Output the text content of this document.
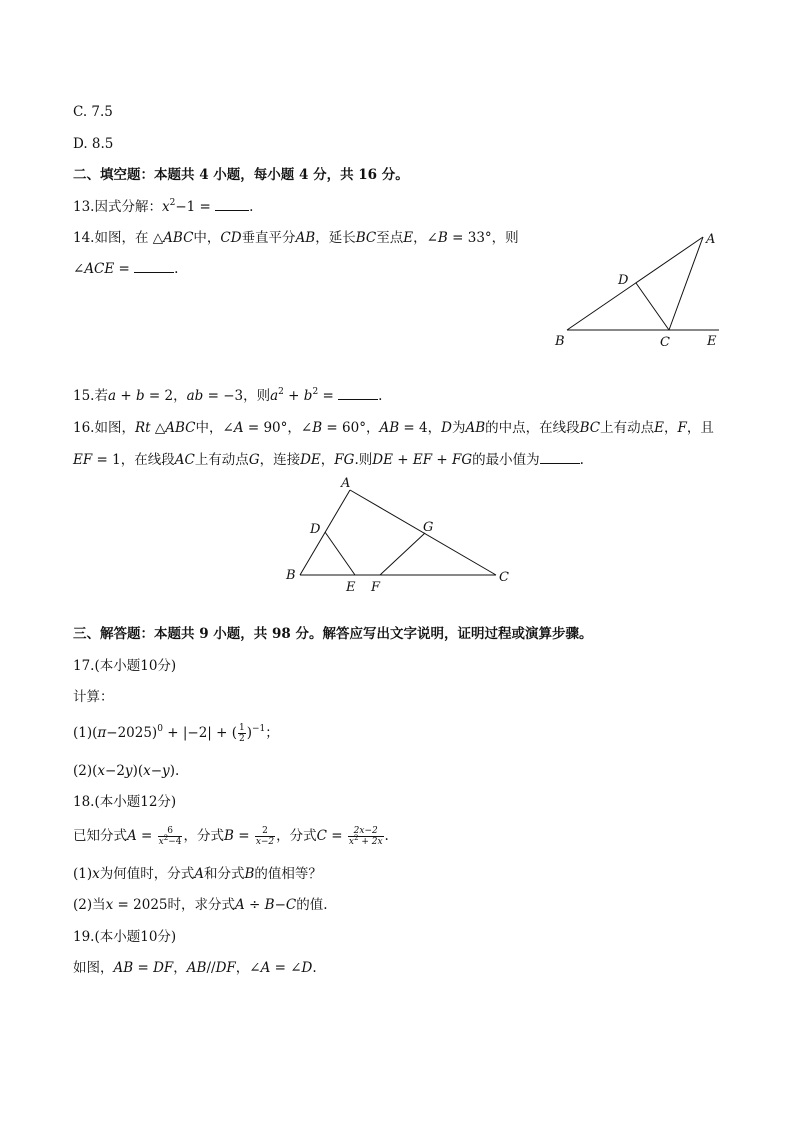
C. 7.5
D. 8.5
二、填空题：本题共 4 小题，每小题 4 分，共 16 分。
13.因式分解：$x^2-1$ =	.
14.如图，在 △ABC中，CD垂直平分AB，延长BC至点E，∠B = 33°，则
∠ACE =	.
A
B	C
D
E
15.若a + b = 2，ab = −3，则$a^2 + b^2$ =	.
16.如图，Rt △ABC中，∠A = 90°，∠B = 60°，AB = 4，D为AB的中点，在线段BC上有动点E，F，且
EF = 1，在线段AC上有动点G，连接DE，FG.则DE + EF + FG的最小值为	.
A
B	C
D
E F
G
三、解答题：本题共 9 小题，共 98 分。解答应写出文字说明，证明过程或演算步骤。
17.(本小题10分)
计算：
$(1)(\pi-2025)^0 + |-2|$ + ( $\frac{1}{2} )^{-1}$；
(2)(x−2y)(x−y).
18.(本小题12分)
已知分式$A = \frac{6}{x^2-4}$ ，分式$B = \frac{2}{x-2}$ ，分式$C = \frac{2x-2}{x^2 + 2x}$ .
(1)x为何值时，分式A和分式B的值相等？
(2)当x = 2025时，求分式A ÷ B−C的值.
19.(本小题10分)
如图，AB = DF，AB//DF，∠A = ∠D.
